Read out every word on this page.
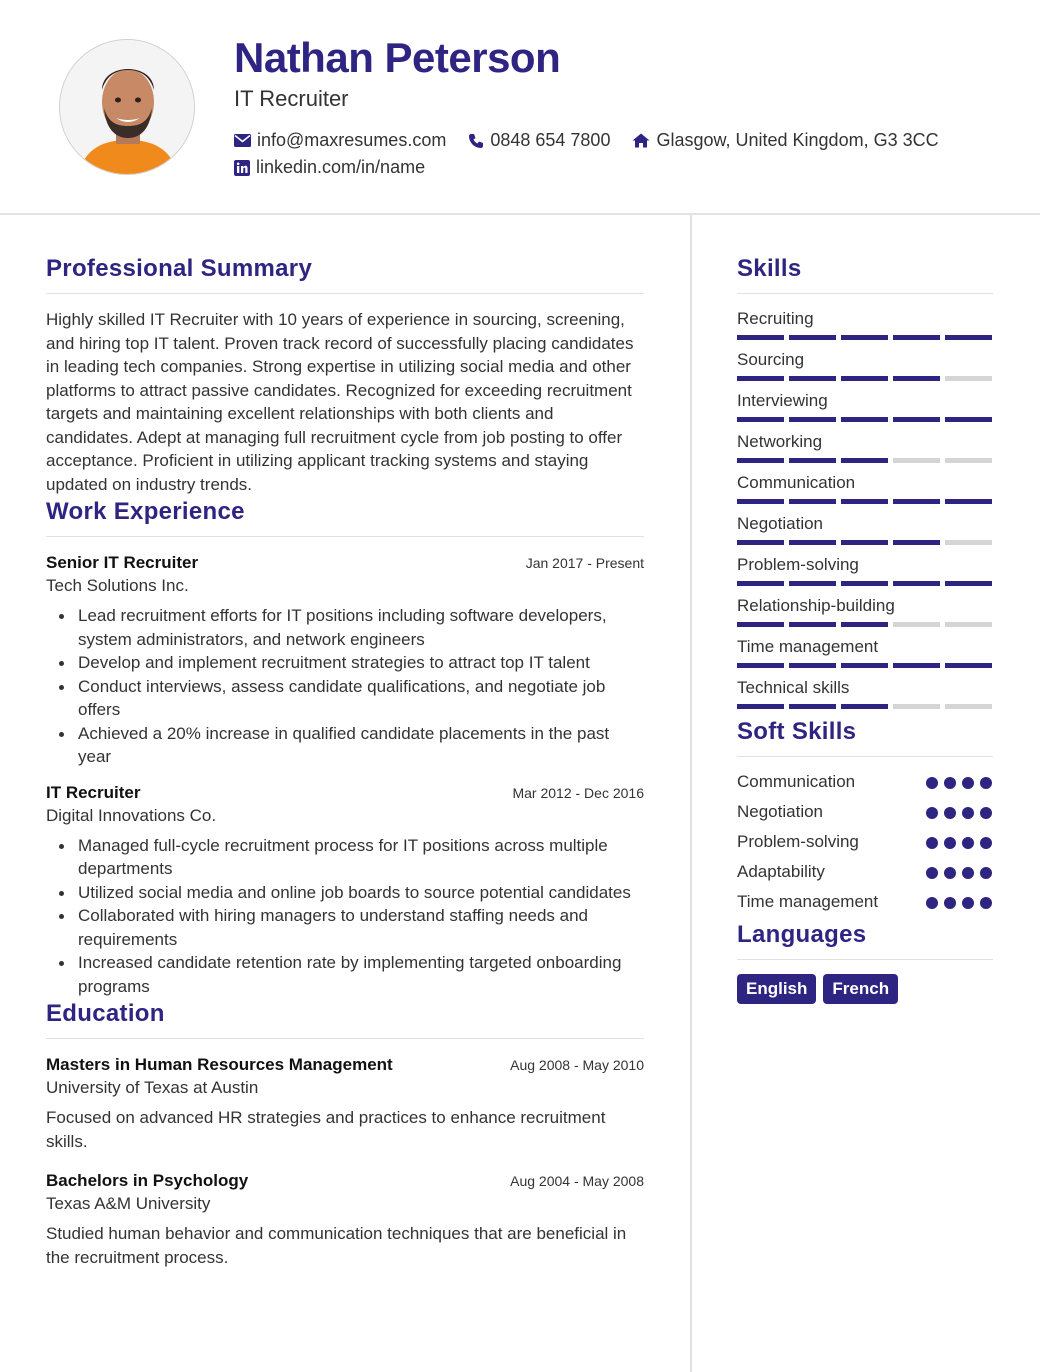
Nathan Peterson
IT Recruiter
info@maxresumes.com 0848 654 7800	Glasgow, United Kingdom, G3 3CC
linkedin.com/in/name
Professional Summary

Highly skilled IT Recruiter with 10 years of experience in sourcing, screening, and hiring top IT talent. Proven track record of successfully placing candidates in leading tech companies. Strong expertise in utilizing social media and other platforms to attract passive candidates. Recognized for exceeding recruitment targets and maintaining excellent relationships with both clients and candidates. Adept at managing full recruitment cycle from job posting to offer acceptance. Proficient in utilizing applicant tracking systems and staying updated on industry trends.

Work Experience
Senior IT Recruiter	Jan 2017 - Present
Tech Solutions Inc.
Lead recruitment efforts for IT positions including software developers, system administrators, and network engineers
Develop and implement recruitment strategies to attract top IT talent
Conduct interviews, assess candidate qualifications, and negotiate job offers
Achieved a 20% increase in qualified candidate placements in the past year
IT Recruiter	Mar 2012 - Dec 2016
Digital Innovations Co.
Managed full-cycle recruitment process for IT positions across multiple departments
Utilized social media and online job boards to source potential candidates
Collaborated with hiring managers to understand staffing needs and requirements
Increased candidate retention rate by implementing targeted onboarding programs
Education
Masters in Human Resources Management	Aug 2008 - May 2010
University of Texas at Austin

Focused on advanced HR strategies and practices to enhance recruitment skills.

Bachelors in Psychology	Aug 2004 - May 2008
Texas A&M University

Studied human behavior and communication techniques that are beneficial in the recruitment process.

Skills
Recruiting
Sourcing
Interviewing
Networking
Communication
Negotiation
Problem-solving
Relationship-building
Time management
Technical skills
Soft Skills
Communication
Negotiation
Problem-solving
Adaptability
Time management
Languages
English	French
